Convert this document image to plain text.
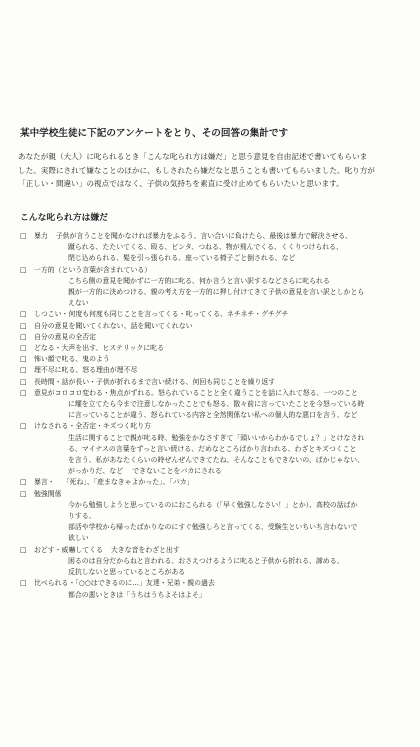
某中学校生徒に下記のアンケートをとり、その回答の集計です
あなたが親（大人）に叱られるとき「こんな叱られ方は嫌だ」と思う意見を自由記述で書いてもらいま
した。実際にされて嫌なことのほかに、もしされたら嫌だなと思うことも書いてもらいました。叱り方が
「正しい・間違い」の視点ではなく、子供の気持ちを素直に受け止めてもらいたいと思います。
こんな叱られ方は嫌だ
□	暴力 子供が言うことを聞かなければ暴力をふるう、言い合いに負けたら、最後は暴力で解決させる、
蹴られる、たたいてくる、殴る、ビンタ、つねる、物が飛んでくる、くくりつけられる、
閉じ込められる、髪を引っ張られる、座っている椅子ごと倒される、など
□	一方的（という言葉が含まれている）
こちら側の意見を聞かずに一方的に叱る、何か言うと言い訳するなどさらに叱られる
親が一方的に決めつける、親の考え方を一方的に押し付けてきて子供の意見を言い訳としかとら
えない
□	しつこい・何度も何度も同じことを言ってくる・叱ってくる、ネチネチ・グチグチ
□	自分の意見を聞いてくれない、話を聞いてくれない
□	自分の意見の全否定
□	どなる・大声を出す、ヒステリックに叱る
□	怖い顔で叱る、鬼のよう
□	理不尽に叱る、怒る理由が理不尽
□	長時間・話が長い・子供が折れるまで言い続ける、何回も同じことを繰り返す
□	意見がコロコロ変わる・焦点がずれる。怒られていることと全く違うことを話に入れて怒る、一つのこと
に耀を立てたら今まで注意しなかったことでも怒る、散々前に言っていたことを今怒っている時
に言っていることが違う、怒られている内容と全然関係ない私への個人的な悪口を言う、など
□	けなされる・全否定・キズつく叱り方
生活に関することで親が叱る時、勉強をかなさすぎて「頭いいからわかるでしょ？」とけなされ
る、マイナスの言葉をずっと言い続ける、だめなところばかり言われる、わざとキズつくこと
を言う、私があなたくらいの時ぜんぜんできてたね、そんなこともできないの、ばかじゃない、
がっかりだ、など　 できないことをバカにされる
□	暴言・ 「死ね」、「産まなきゃよかった」、「バカ」
□	勉強関係
今から勉強しようと思っているのにおこられる（「早く勉強しなさい！」とか）、高校の話ばか
りする、
部活や学校から帰ったばかりなのにすぐ勉強しろと言ってくる、受験生といちいち言わないで
欲しい
□	おどす・威嚇してくる 大きな音をわざと出す
困るのは自分だからねと言われる、おさえつけるように叱ると子供から折れる、諦める、
反抗しないと思っているところがある
□	比べられる・「○○はできるのに…」友達・兄弟・親の過去
都合の悪いときは「うちはうちよそはよそ」
